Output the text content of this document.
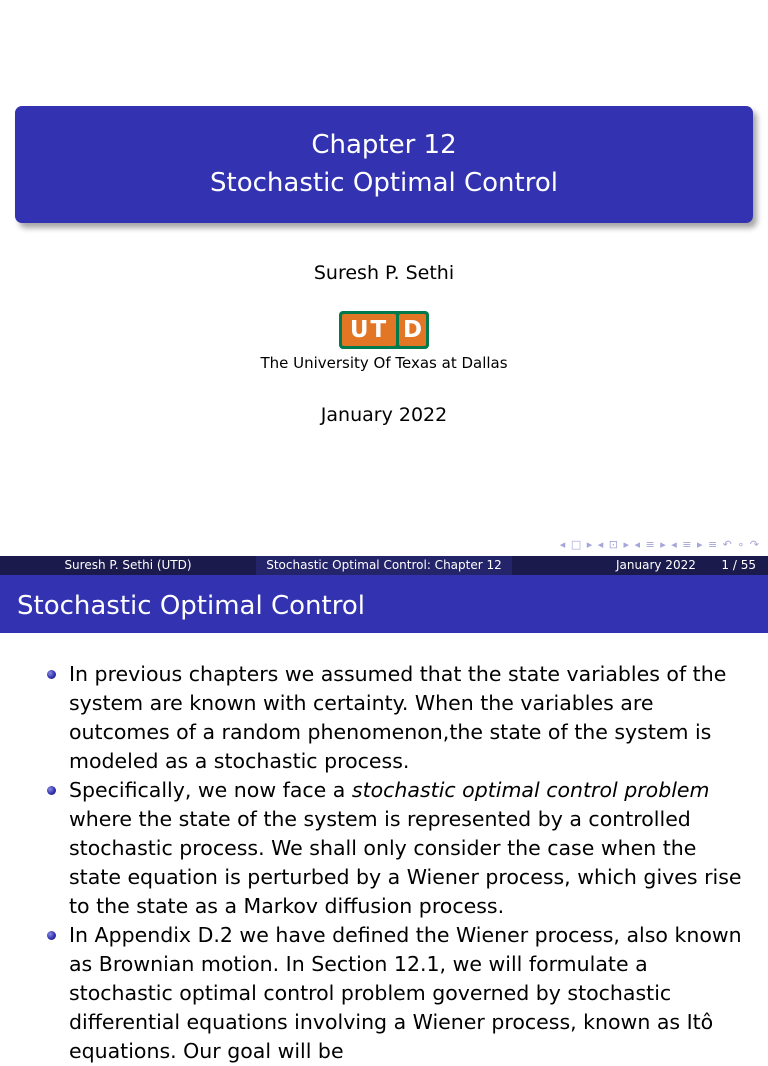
Chapter 12
Stochastic Optimal Control
Suresh P. Sethi
UT D
The University Of Texas at Dallas
January 2022
◂ □ ▸ ◂ ⊡ ▸ ◂ ≡ ▸ ◂ ≡ ▸ ≡ ↶ ∘ ↷
Suresh P. Sethi (UTD)	Stochastic Optimal Control: Chapter 12	January 2022 1 / 55
Stochastic Optimal Control
In previous chapters we assumed that the state variables of the system are known with certainty. When the variables are outcomes of a random phenomenon,the state of the system is modeled as a stochastic process.
Specifically, we now face a stochastic optimal control problem where the state of the system is represented by a controlled stochastic process. We shall only consider the case when the state equation is perturbed by a Wiener process, which gives rise to the state as a Markov diffusion process.
In Appendix D.2 we have defined the Wiener process, also known as Brownian motion. In Section 12.1, we will formulate a stochastic optimal control problem governed by stochastic differential equations involving a Wiener process, known as Itô equations. Our goal will be
